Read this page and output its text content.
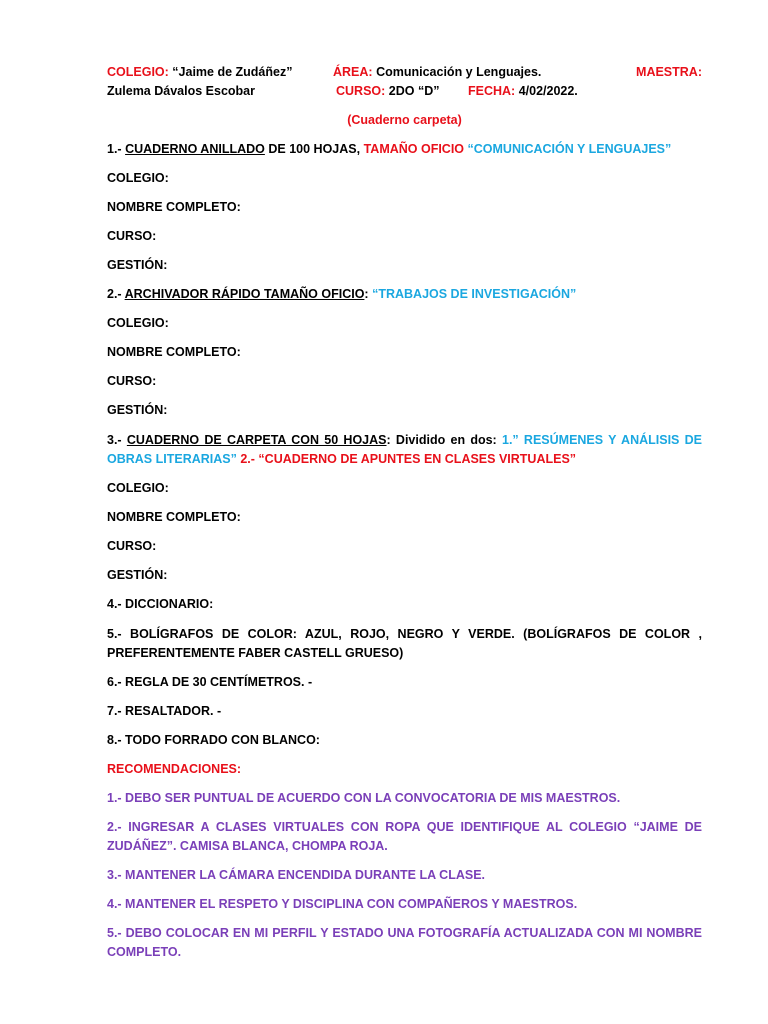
COLEGIO: “Jaime de Zudáñez”	ÁREA: Comunicación y Lenguajes.	MAESTRA:
Zulema Dávalos Escobar	CURSO: 2DO “D” FECHA: 4/02/2022.
(Cuaderno carpeta)
1.- CUADERNO ANILLADO DE 100 HOJAS, TAMAÑO OFICIO “COMUNICACIÓN Y LENGUAJES”
COLEGIO:
NOMBRE COMPLETO:
CURSO:
GESTIÓN:
2.- ARCHIVADOR RÁPIDO TAMAÑO OFICIO: “TRABAJOS DE INVESTIGACIÓN”
COLEGIO:
NOMBRE COMPLETO:
CURSO:
GESTIÓN:
3.- CUADERNO DE CARPETA CON 50 HOJAS: Dividido en dos: 1.” RESÚMENES Y ANÁLISIS DE OBRAS LITERARIAS” 2.- “CUADERNO DE APUNTES EN CLASES VIRTUALES”
COLEGIO:
NOMBRE COMPLETO:
CURSO:
GESTIÓN:
4.- DICCIONARIO:
5.- BOLÍGRAFOS DE COLOR: AZUL, ROJO, NEGRO Y VERDE. (BOLÍGRAFOS DE COLOR , PREFERENTEMENTE FABER CASTELL GRUESO)
6.- REGLA DE 30 CENTÍMETROS. -
7.- RESALTADOR. -
8.- TODO FORRADO CON BLANCO:
RECOMENDACIONES:
1.- DEBO SER PUNTUAL DE ACUERDO CON LA CONVOCATORIA DE MIS MAESTROS.
2.- INGRESAR A CLASES VIRTUALES CON ROPA QUE IDENTIFIQUE AL COLEGIO “JAIME DE ZUDÁÑEZ”. CAMISA BLANCA, CHOMPA ROJA.
3.- MANTENER LA CÁMARA ENCENDIDA DURANTE LA CLASE.
4.- MANTENER EL RESPETO Y DISCIPLINA CON COMPAÑEROS Y MAESTROS.
5.- DEBO COLOCAR EN MI PERFIL Y ESTADO UNA FOTOGRAFÍA ACTUALIZADA CON MI NOMBRE COMPLETO.
